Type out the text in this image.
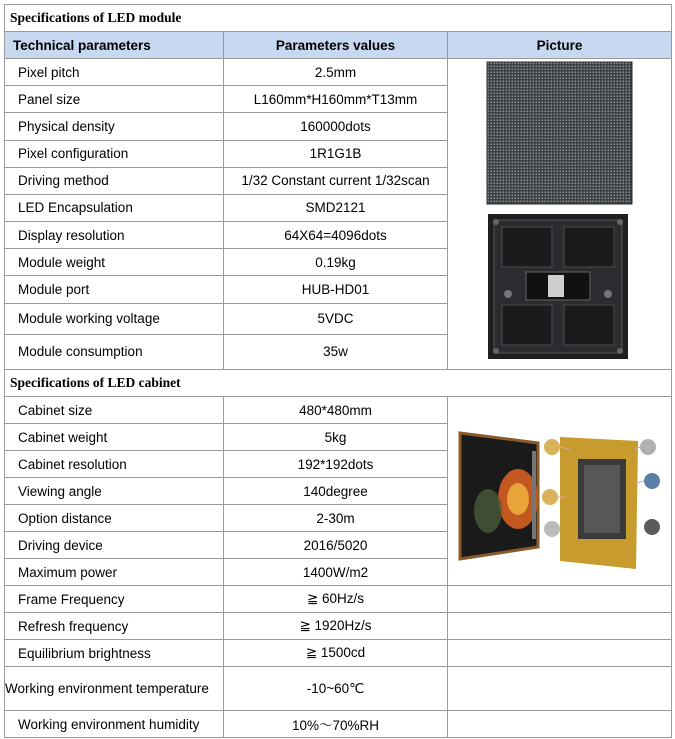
Specifications of LED module		
Technical parameters	Parameters values	Picture
Pixel pitch	2.5mm	

Panel size	L160mm*H160mm*T13mm	
Physical density	160000dots	
Pixel configuration	1R1G1B	
Driving method	1/32 Constant current 1/32scan	
LED Encapsulation	SMD2121	
Display resolution	64X64=4096dots	
Module weight	0.19kg	
Module port	HUB-HD01	
Module working voltage	5VDC	
Module consumption	35w	
Specifications of LED cabinet		
Cabinet size	480*480mm	

Cabinet weight	5kg	
Cabinet resolution	192*192dots	
Viewing angle	140degree	
Option distance	2-30m	
Driving device	2016/5020	
Maximum power	1400W/m2	
Frame Frequency	≧ 60Hz/s	
Refresh frequency	≧ 1920Hz/s	
Equilibrium brightness	≧ 1500cd	
Working environment temperature	-10~60℃	
Working environment humidity	10%～70%RH	
